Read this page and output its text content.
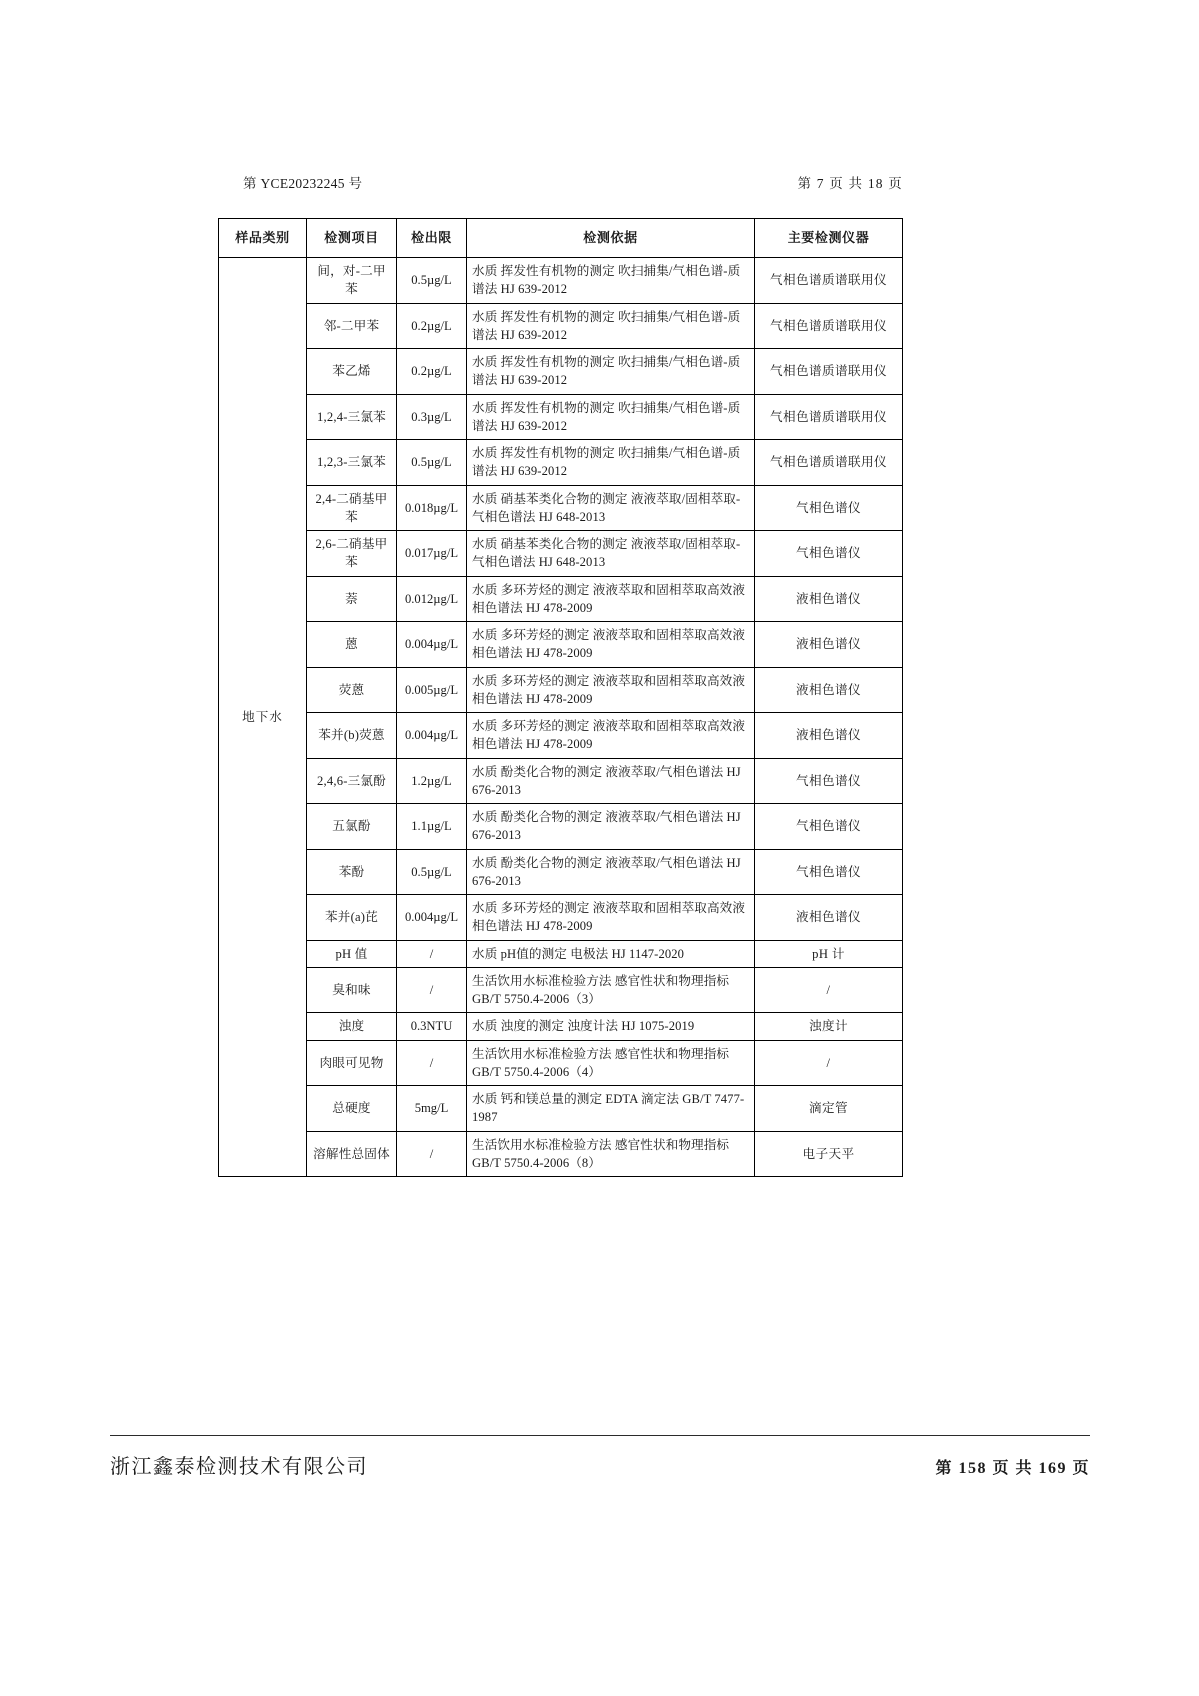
第 YCE20232245 号	第 7 页 共 18 页
样品类别	检测项目	检出限	检测依据	主要检测仪器
地下水	间，对-二甲苯	0.5µg/L	水质 挥发性有机物的测定 吹扫捕集/气相色谱-质谱法 HJ 639-2012	气相色谱质谱联用仪
	邻-二甲苯	0.2µg/L	水质 挥发性有机物的测定 吹扫捕集/气相色谱-质谱法 HJ 639-2012	气相色谱质谱联用仪
	苯乙烯	0.2µg/L	水质 挥发性有机物的测定 吹扫捕集/气相色谱-质谱法 HJ 639-2012	气相色谱质谱联用仪
	1,2,4-三氯苯	0.3µg/L	水质 挥发性有机物的测定 吹扫捕集/气相色谱-质谱法 HJ 639-2012	气相色谱质谱联用仪
	1,2,3-三氯苯	0.5µg/L	水质 挥发性有机物的测定 吹扫捕集/气相色谱-质谱法 HJ 639-2012	气相色谱质谱联用仪
	2,4-二硝基甲苯	0.018µg/L	水质 硝基苯类化合物的测定 液液萃取/固相萃取-气相色谱法 HJ 648-2013	气相色谱仪
	2,6-二硝基甲苯	0.017µg/L	水质 硝基苯类化合物的测定 液液萃取/固相萃取-气相色谱法 HJ 648-2013	气相色谱仪
	萘	0.012µg/L	水质 多环芳烃的测定 液液萃取和固相萃取高效液相色谱法 HJ 478-2009	液相色谱仪
	蒽	0.004µg/L	水质 多环芳烃的测定 液液萃取和固相萃取高效液相色谱法 HJ 478-2009	液相色谱仪
	荧蒽	0.005µg/L	水质 多环芳烃的测定 液液萃取和固相萃取高效液相色谱法 HJ 478-2009	液相色谱仪
	苯并(b)荧蒽	0.004µg/L	水质 多环芳烃的测定 液液萃取和固相萃取高效液相色谱法 HJ 478-2009	液相色谱仪
	2,4,6-三氯酚	1.2µg/L	水质 酚类化合物的测定 液液萃取/气相色谱法 HJ 676-2013	气相色谱仪
	五氯酚	1.1µg/L	水质 酚类化合物的测定 液液萃取/气相色谱法 HJ 676-2013	气相色谱仪
	苯酚	0.5µg/L	水质 酚类化合物的测定 液液萃取/气相色谱法 HJ 676-2013	气相色谱仪
	苯并(a)芘	0.004µg/L	水质 多环芳烃的测定 液液萃取和固相萃取高效液相色谱法 HJ 478-2009	液相色谱仪
	pH 值	/	水质 pH值的测定 电极法 HJ 1147-2020	pH 计
	臭和味	/	生活饮用水标准检验方法 感官性状和物理指标 GB/T 5750.4-2006（3）	/
	浊度	0.3NTU	水质 浊度的测定 浊度计法 HJ 1075-2019	浊度计
	肉眼可见物	/	生活饮用水标准检验方法 感官性状和物理指标 GB/T 5750.4-2006（4）	/
	总硬度	5mg/L	水质 钙和镁总量的测定 EDTA 滴定法 GB/T 7477-1987	滴定管
	溶解性总固体	/	生活饮用水标准检验方法 感官性状和物理指标 GB/T 5750.4-2006（8）	电子天平
浙江鑫泰检测技术有限公司	第 158 页 共 169 页
